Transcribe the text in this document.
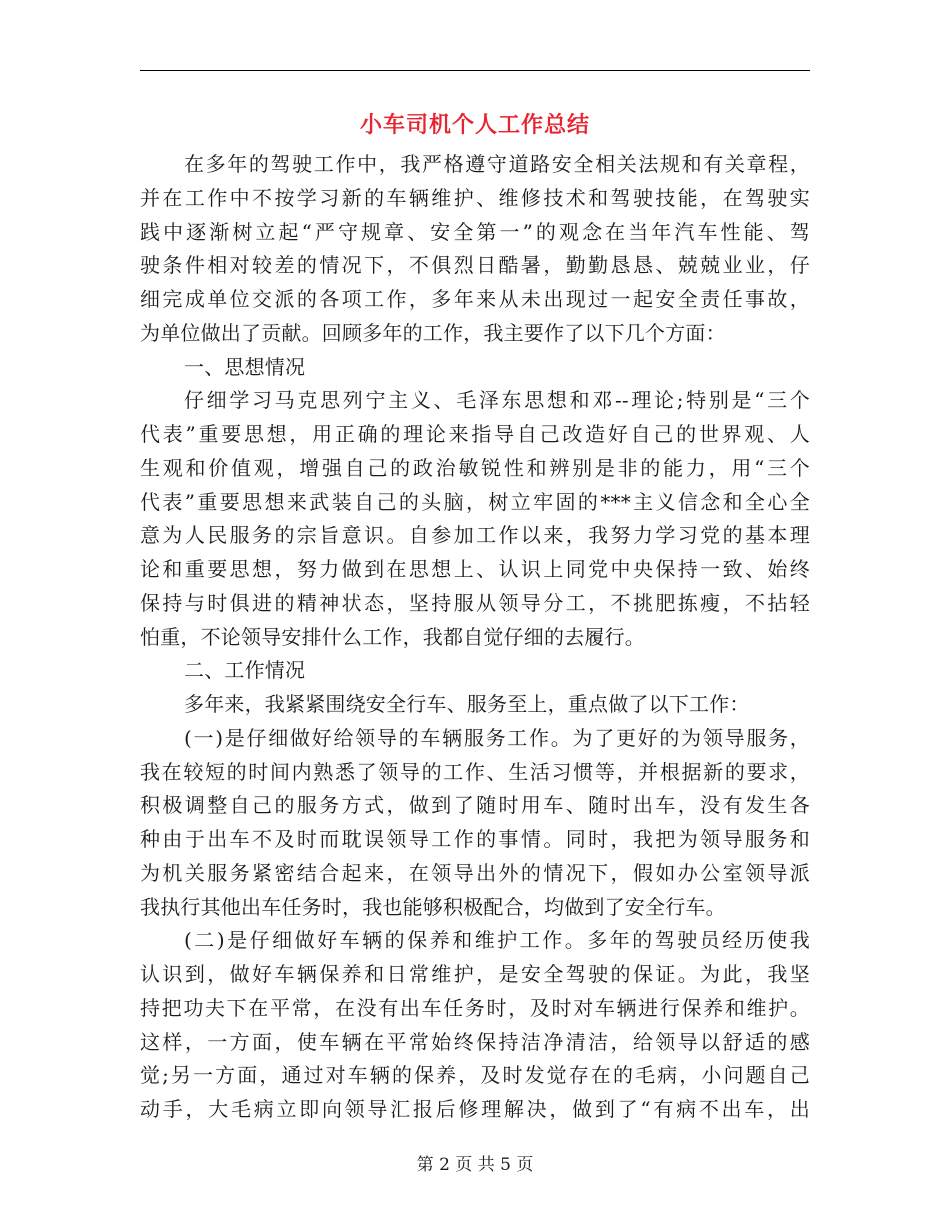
小车司机个人工作总结
在多年的驾驶工作中，我严格遵守道路安全相关法规和有关章程，
并在工作中不按学习新的车辆维护、维修技术和驾驶技能，在驾驶实
践中逐渐树立起“严守规章、安全第一”的观念在当年汽车性能、驾
驶条件相对较差的情况下，不俱烈日酷暑，勤勤恳恳、兢兢业业，仔
细完成单位交派的各项工作，多年来从未出现过一起安全责任事故，
为单位做出了贡献。回顾多年的工作，我主要作了以下几个方面：
一、思想情况
仔细学习马克思列宁主义、毛泽东思想和邓--理论;特别是“三个
代表”重要思想，用正确的理论来指导自己改造好自己的世界观、人
生观和价值观，增强自己的政治敏锐性和辨别是非的能力，用“三个
代表”重要思想来武装自己的头脑，树立牢固的***主义信念和全心全
意为人民服务的宗旨意识。自参加工作以来，我努力学习党的基本理
论和重要思想，努力做到在思想上、认识上同党中央保持一致、始终
保持与时俱进的精神状态，坚持服从领导分工，不挑肥拣瘦，不拈轻
怕重，不论领导安排什么工作，我都自觉仔细的去履行。
二、工作情况
多年来，我紧紧围绕安全行车、服务至上，重点做了以下工作：
(一)是仔细做好给领导的车辆服务工作。为了更好的为领导服务，
我在较短的时间内熟悉了领导的工作、生活习惯等，并根据新的要求，
积极调整自己的服务方式，做到了随时用车、随时出车，没有发生各
种由于出车不及时而耽误领导工作的事情。同时，我把为领导服务和
为机关服务紧密结合起来，在领导出外的情况下，假如办公室领导派
我执行其他出车任务时，我也能够积极配合，均做到了安全行车。
(二)是仔细做好车辆的保养和维护工作。多年的驾驶员经历使我
认识到，做好车辆保养和日常维护，是安全驾驶的保证。为此，我坚
持把功夫下在平常，在没有出车任务时，及时对车辆进行保养和维护。
这样，一方面，使车辆在平常始终保持洁净清洁，给领导以舒适的感
觉;另一方面，通过对车辆的保养，及时发觉存在的毛病，小问题自己
动手，大毛病立即向领导汇报后修理解决，做到了“有病不出车，出
第 2 页 共 5 页
